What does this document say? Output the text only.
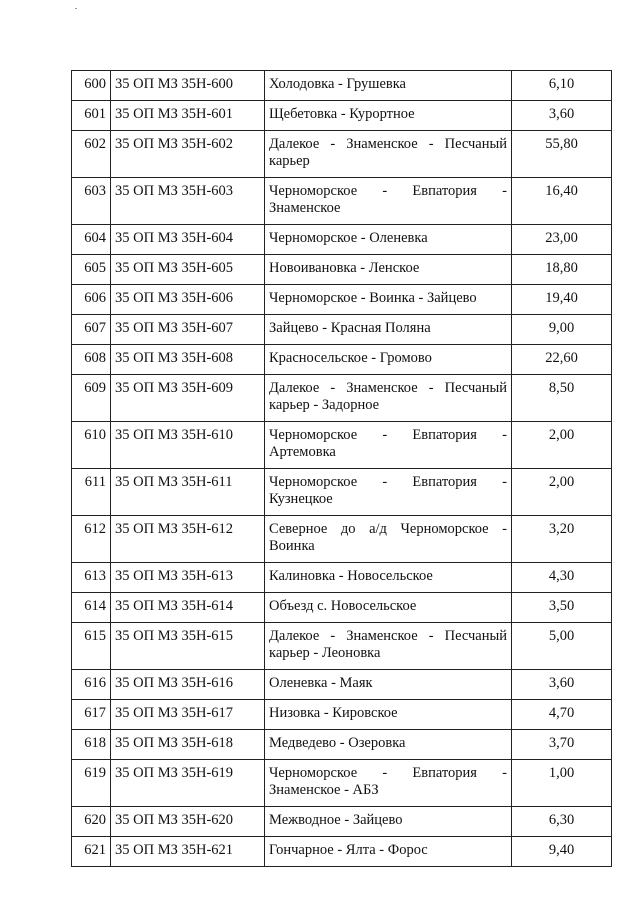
600	35 ОП МЗ 35Н-600	Холодовка - Грушевка	6,10
601	35 ОП МЗ 35Н-601	Щебетовка - Курортное	3,60
602	35 ОП МЗ 35Н-602	Далекое - Знаменское - Песчаный карьер	55,80
603	35 ОП МЗ 35Н-603	Черноморское - Евпатория - Знаменское	16,40
604	35 ОП МЗ 35Н-604	Черноморское - Оленевка	23,00
605	35 ОП МЗ 35Н-605	Новоивановка - Ленское	18,80
606	35 ОП МЗ 35Н-606	Черноморское - Воинка - Зайцево	19,40
607	35 ОП МЗ 35Н-607	Зайцево - Красная Поляна	9,00
608	35 ОП МЗ 35Н-608	Красносельское - Громово	22,60
609	35 ОП МЗ 35Н-609	Далекое - Знаменское - Песчаный карьер - Задорное	8,50
610	35 ОП МЗ 35Н-610	Черноморское - Евпатория - Артемовка	2,00
611	35 ОП МЗ 35Н-611	Черноморское - Евпатория - Кузнецкое	2,00
612	35 ОП МЗ 35Н-612	Северное до а/д Черноморское - Воинка	3,20
613	35 ОП МЗ 35Н-613	Калиновка - Новосельское	4,30
614	35 ОП МЗ 35Н-614	Объезд с. Новосельское	3,50
615	35 ОП МЗ 35Н-615	Далекое - Знаменское - Песчаный карьер - Леоновка	5,00
616	35 ОП МЗ 35Н-616	Оленевка - Маяк	3,60
617	35 ОП МЗ 35Н-617	Низовка - Кировское	4,70
618	35 ОП МЗ 35Н-618	Медведево - Озеровка	3,70
619	35 ОП МЗ 35Н-619	Черноморское - Евпатория - Знаменское - АБЗ	1,00
620	35 ОП МЗ 35Н-620	Межводное - Зайцево	6,30
621	35 ОП МЗ 35Н-621	Гончарное - Ялта - Форос	9,40
